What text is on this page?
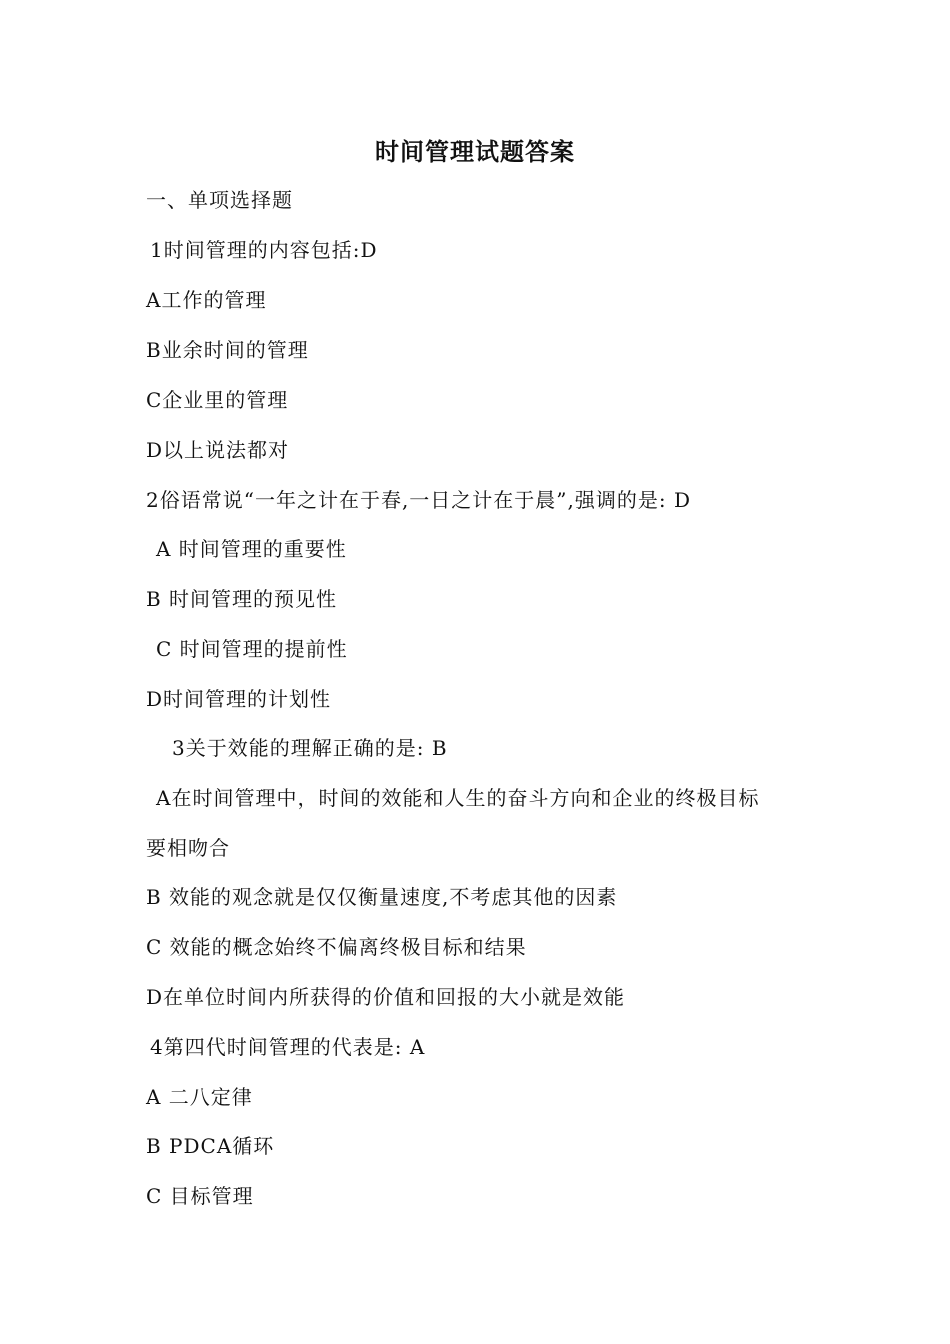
时间管理试题答案
一、单项选择题
1时间管理的内容包括:D
A工作的管理
B业余时间的管理
C企业里的管理
D以上说法都对
2俗语常说“一年之计在于春,一日之计在于晨”,强调的是: D
A 时间管理的重要性
B 时间管理的预见性
C 时间管理的提前性
D时间管理的计划性
3关于效能的理解正确的是: B
A在时间管理中，时间的效能和人生的奋斗方向和企业的终极目标
要相吻合
B 效能的观念就是仅仅衡量速度,不考虑其他的因素
C 效能的概念始终不偏离终极目标和结果
D在单位时间内所获得的价值和回报的大小就是效能
4第四代时间管理的代表是: A
A 二八定律
B PDCA循环
C 目标管理
